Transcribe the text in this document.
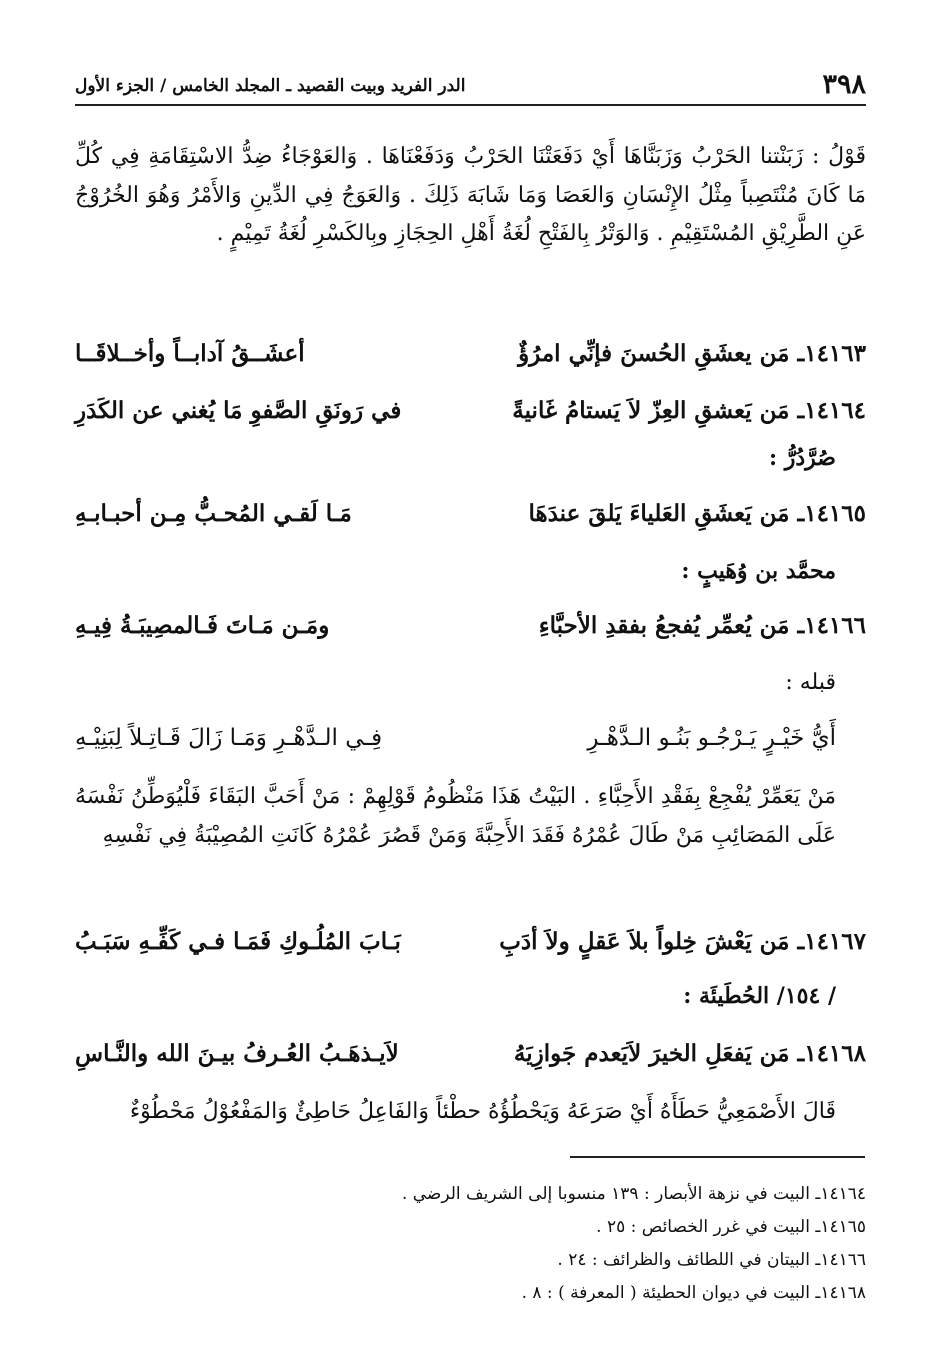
٣٩٨
الدر الفريد وبيت القصيد ـ المجلد الخامس / الجزء الأول
قَوْلُ : زَبَنْتنا الحَرْبُ وَزَبَنَّاهَا أَيْ دَفَعَتْنَا الحَرْبُ وَدَفَعْنَاهَا . وَالعَوْجَاءُ ضِدُّ الاسْتِقَامَةِ فِي كُلِّ مَا كَانَ مُنْتَصِباً مِثْلُ الإِنْسَانِ وَالعَصَا وَمَا شَابَهَ ذَلِكَ . وَالعَوَجُ فِي الدِّينِ وَالأَمْرُ وَهُوَ الخُرُوْجُ عَنِ الطَّرِيْقِ المُسْتَقِيْمِ . وَالوَتْرُ بِالفَتْحِ لُغَةُ أَهْلِ الحِجَازِ وبِالكَسْرِ لُغَةُ تَمِيْمٍ .
١٤١٦٣ـ مَن يعشَقِ الحُسنَ فإنِّي امرُؤٌ
أعشَــقُ آدابــاً وأخــلاقَــا
١٤١٦٤ـ مَن يَعشقِ العِزّ لاَ يَستامُ غَانيةً
في رَونَقِ الصَّفوِ مَا يُغني عن الكَدَرِ
صُرَّدُرُّ :
١٤١٦٥ـ مَن يَعشَقِ العَلياءَ يَلقَ عندَهَا
مَـا لَقـي المُحـبُّ مِـن أحبـابـهِ
محمَّد بن وُهَيبٍ :
١٤١٦٦ـ مَن يُعمِّر يُفجعُ بفقدِ الأحبَّاءِ
ومَـن مَـاتَ فَـالمصِيبَـةُ فِيـهِ
قبله :
أَيُّ خَيْـرٍ يَـرْجُـو بَنُـو الـدَّهْـرِ
فِـي الـدَّهْـرِ وَمَـا زَالَ قَـاتِـلاً لِبَنِيْـهِ
مَنْ يَعَمِّرْ يُفْجِعْ بِفَقْدِ الأَحِبَّاءِ . البَيْتُ هَذَا مَنْظُومُ قَوْلِهِمْ : مَنْ أَحَبَّ البَقَاءَ فَلْيُوَطِّنُ نَفْسَهُ عَلَى المَصَائِبِ مَنْ طَالَ عُمْرُهُ فَقَدَ الأَحِبَّةَ وَمَنْ قَصُرَ عُمْرُهُ كَانَتِ المُصِيْبَةُ فِي نَفْسِهِ
١٤١٦٧ـ مَن يَعْشَ خِلواً بلاَ عَقلٍ ولاَ أدَبِ
بَـابَ المُلُـوكِ فَمَـا فـي كَفِّـهِ سَبَـبُ
/ ١٥٤/ الحُطَيئَة :
١٤١٦٨ـ مَن يَفعَلِ الخيرَ لاَيَعدم جَوازِيَهُ
لاَيـذهَـبُ العُـرفُ بيـنَ الله والنَّـاسِ
قَالَ الأَصْمَعِيُّ حَطَأَهُ أَيْ صَرَعَهُ وَيَحْطُؤُهُ حطْئاً وَالفَاعِلُ حَاطِئٌ وَالمَفْعُوْلُ مَحْطُوْءٌ
١٤١٦٤ـ البيت في نزهة الأبصار : ١٣٩ منسوبا إلى الشريف الرضي .
١٤١٦٥ـ البيت في غرر الخصائص : ٢٥ .
١٤١٦٦ـ البيتان في اللطائف والظرائف : ٢٤ .
١٤١٦٨ـ البيت في ديوان الحطيئة ( المعرفة ) : ٨ .
